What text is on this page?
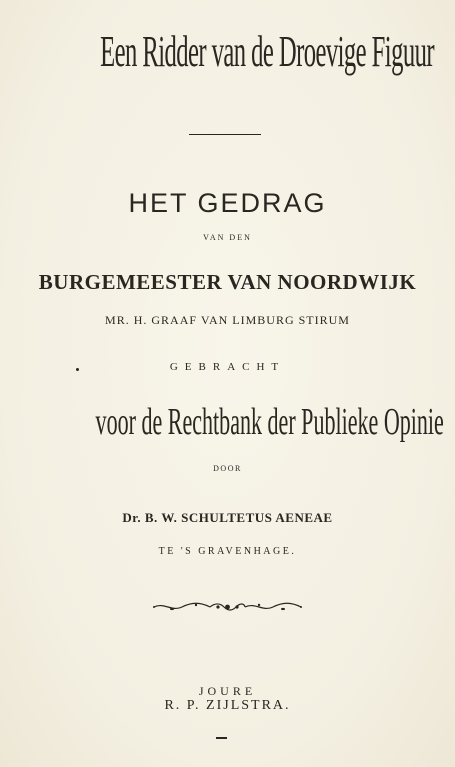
Een Ridder van de Droevige Figuur
HET GEDRAG
VAN DEN
BURGEMEESTER VAN NOORDWIJK
MR. H. GRAAF VAN LIMBURG STIRUM
GEBRACHT
voor de Rechtbank der Publieke Opinie
DOOR
Dr. B. W. SCHULTETUS AENEAE
TE 'S GRAVENHAGE.
JOURE
R. P. ZIJLSTRA.
